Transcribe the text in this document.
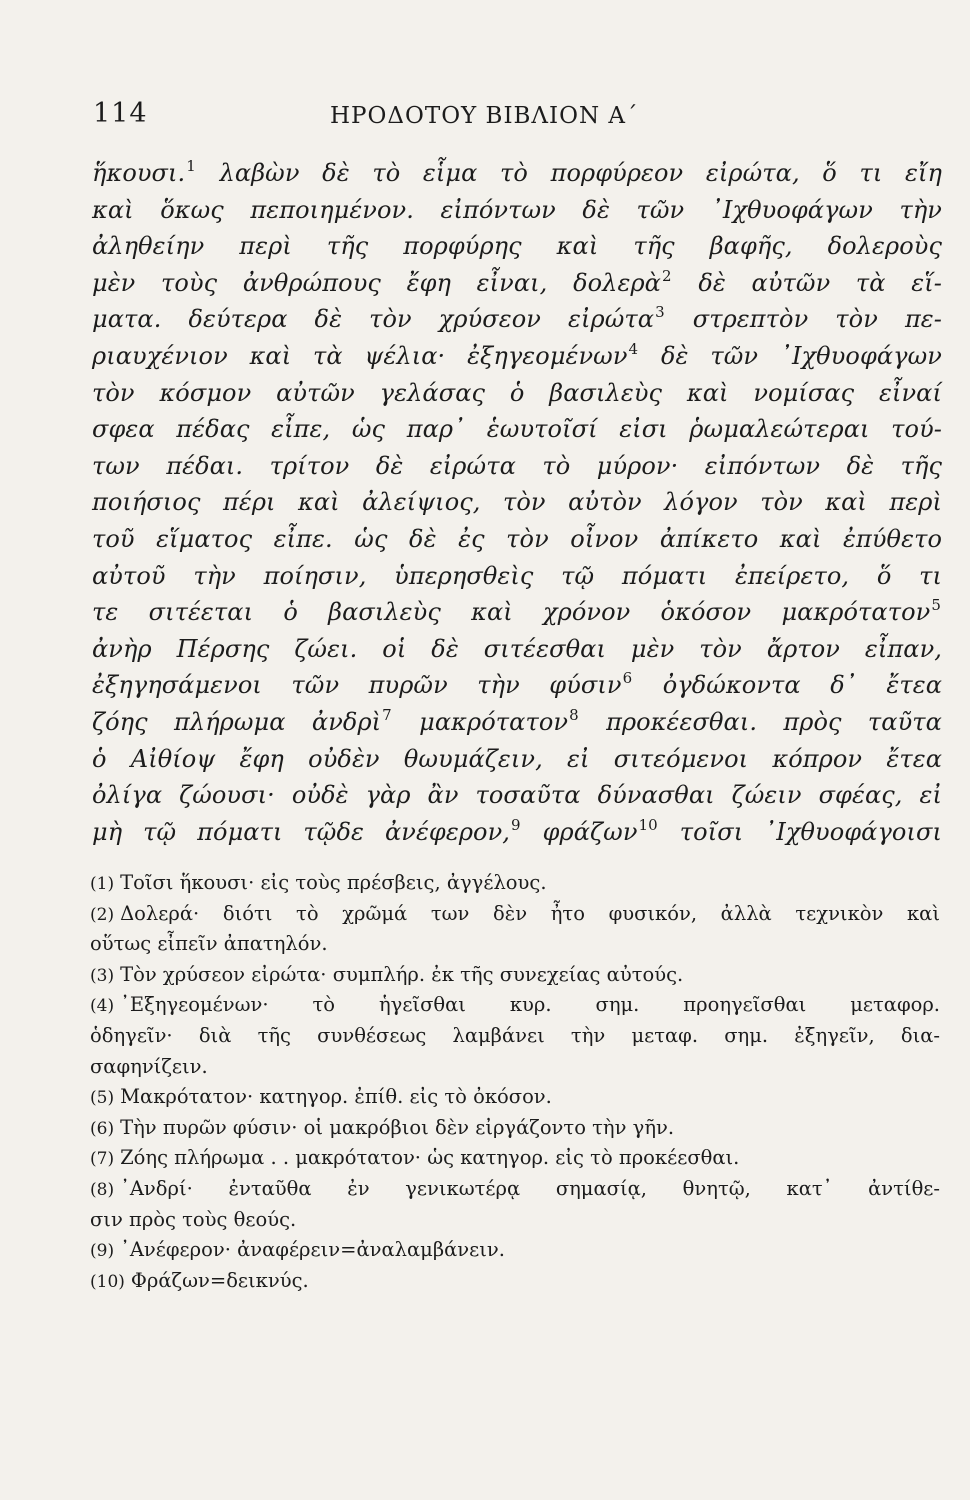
114	ΗΡΟΔΟΤΟΥ ΒΙΒΛΙΟΝ Α΄
ἥκουσι.$^1$ λαβὼν δὲ τὸ εἷμα τὸ πορφύρεον εἰρώτα, ὅ τι εἴη
καὶ ὅκως πεποιημένον. εἰπόντων δὲ τῶν ᾿Ιχθυοφάγων τὴν
ἀληθείην περὶ τῆς πορφύρης καὶ τῆς βαφῆς, δολεροὺς
μὲν τοὺς ἀνθρώπους ἔφη εἶναι, δολερὰ$^2$ δὲ αὐτῶν τὰ εἵ-
ματα. δεύτερα δὲ τὸν χρύσεον εἰρώτα$^3$ στρεπτὸν τὸν πε-
ριαυχένιον καὶ τὰ ψέλια· ἐξηγεομένων$^4$ δὲ τῶν ᾿Ιχθυοφάγων
τὸν κόσμον αὐτῶν γελάσας ὁ βασιλεὺς καὶ νομίσας εἶναί
σφεα πέδας εἶπε, ὡς παρ᾽ ἑωυτοῖσί εἰσι ῥωμαλεώτεραι τού-
των πέδαι. τρίτον δὲ εἰρώτα τὸ μύρον· εἰπόντων δὲ τῆς
ποιήσιος πέρι καὶ ἀλείψιος, τὸν αὐτὸν λόγον τὸν καὶ περὶ
τοῦ εἵματος εἶπε. ὡς δὲ ἐς τὸν οἶνον ἀπίκετο καὶ ἐπύθετο
αὐτοῦ τὴν ποίησιν, ὑπερησθεὶς τῷ πόματι ἐπείρετο, ὅ τι
τε σιτέεται ὁ βασιλεὺς καὶ χρόνον ὁκόσον μακρότατον$^5$
ἀνὴρ Πέρσης ζώει. οἱ δὲ σιτέεσθαι μὲν τὸν ἄρτον εἶπαν,
ἐξηγησάμενοι τῶν πυρῶν τὴν φύσιν$^6$ ὀγδώκοντα δ᾽ ἔτεα
ζόης πλήρωμα ἀνδρὶ$^7$ μακρότατον$^8$ προκέεσθαι. πρὸς ταῦτα
ὁ Αἰθίοψ ἔφη οὐδὲν θωυμάζειν, εἰ σιτεόμενοι κόπρον ἔτεα
ὀλίγα ζώουσι· οὐδὲ γὰρ ἂν τοσαῦτα δύνασθαι ζώειν σφέας, εἰ
μὴ τῷ πόματι τῷδε ἀνέφερον,$^9$ φράζων$^{10}$ τοῖσι ᾿Ιχθυοφάγοισι
(1) Τοῖσι ἥκουσι· εἰς τοὺς πρέσβεις, ἀγγέλους.
(2) Δολερά· διότι τὸ χρῶμά των δὲν ἦτο φυσικόν, ἀλλὰ τεχνικὸν καὶ
οὕτως εἶπεῖν ἀπατηλόν.
(3) Τὸν χρύσεον εἰρώτα· συμπλήρ. ἐκ τῆς συνεχείας αὐτούς.
(4) ᾿Εξηγεομένων· τὸ ἡγεῖσθαι κυρ. σημ. προηγεῖσθαι μεταφορ.
ὁδηγεῖν· διὰ τῆς συνθέσεως λαμβάνει τὴν μεταφ. σημ. ἐξηγεῖν, δια-
σαφηνίζειν.
(5) Μακρότατον· κατηγορ. ἐπίθ. εἰς τὸ ὀκόσον.
(6) Τὴν πυρῶν φύσιν· οἱ μακρόβιοι δὲν εἰργάζοντο τὴν γῆν.
(7) Ζόης πλήρωμα . . μακρότατον· ὡς κατηγορ. εἰς τὸ προκέεσθαι.
(8) ᾿Ανδρί· ἐνταῦθα ἐν γενικωτέρᾳ σημασίᾳ, θνητῷ, κατ᾽ ἀντίθε-
σιν πρὸς τοὺς θεούς.
(9) ᾿Ανέφερον· ἀναφέρειν=ἀναλαμβάνειν.
(10) Φράζων=δεικνύς.
